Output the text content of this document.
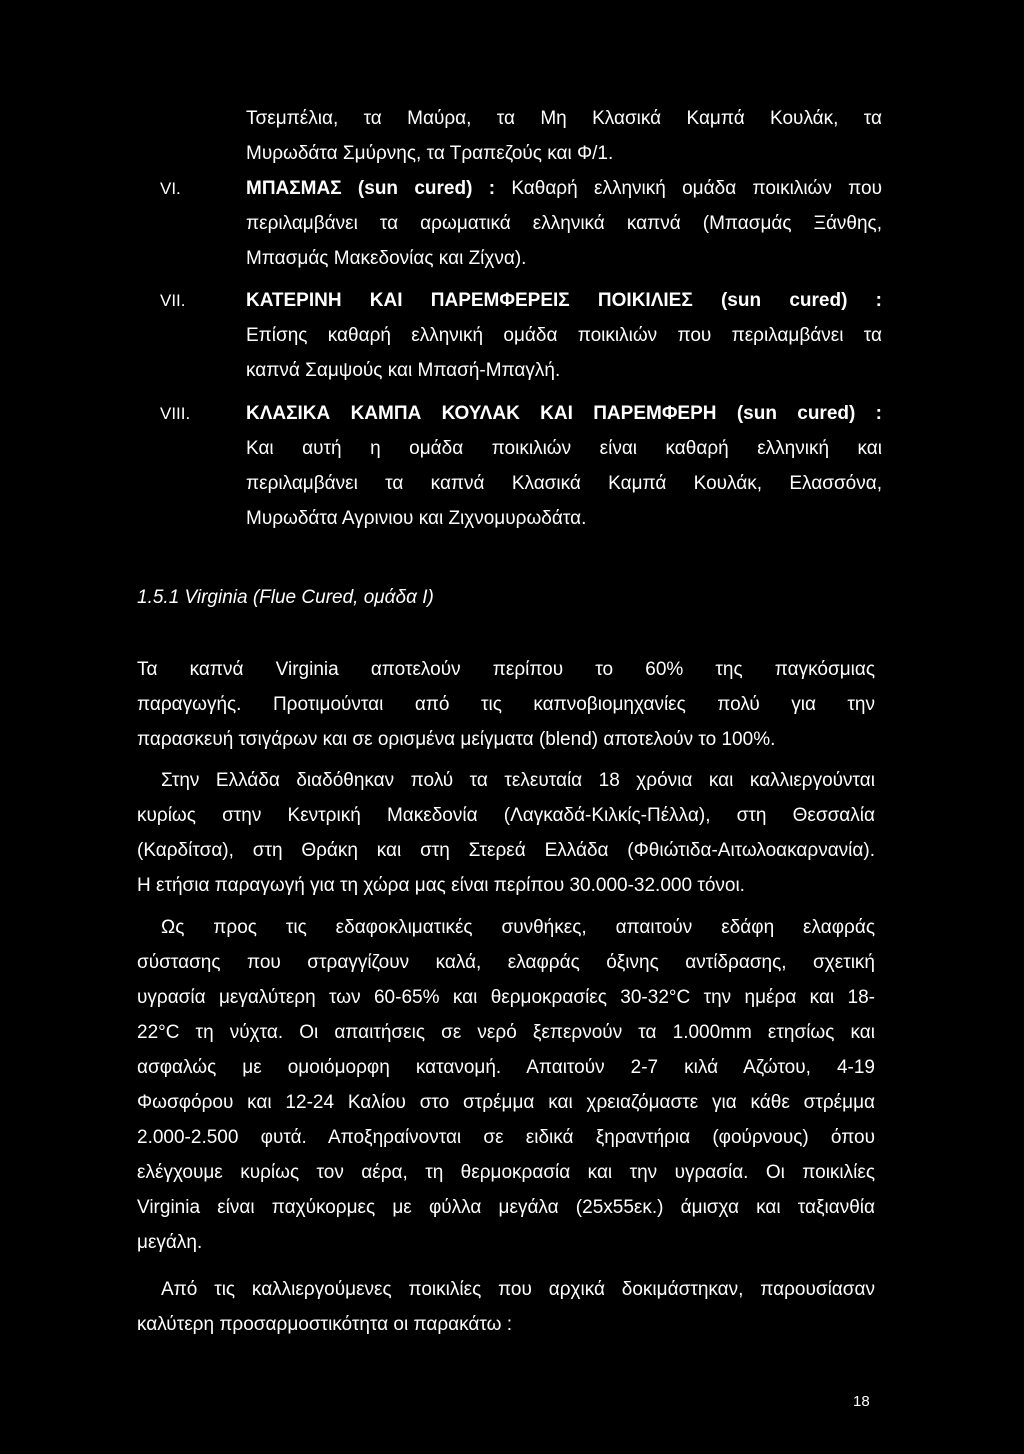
Τσεμπέλια, τα Μαύρα, τα Μη Κλασικά Καμπά Κουλάκ, τα
Μυρωδάτα Σμύρνης, τα Τραπεζούς και Φ/1.
VI.	ΜΠΑΣΜΑΣ (sun cured) : Καθαρή ελληνική ομάδα ποικιλιών που
περιλαμβάνει τα αρωματικά ελληνικά καπνά (Μπασμάς Ξάνθης,
Μπασμάς Μακεδονίας και Ζίχνα).
VII.	ΚΑΤΕΡΙΝΗ ΚΑΙ ΠΑΡΕΜΦΕΡΕΙΣ ΠΟΙΚΙΛΙΕΣ (sun cured) :
Επίσης καθαρή ελληνική ομάδα ποικιλιών που περιλαμβάνει τα
καπνά Σαμψούς και Μπασή-Μπαγλή.
VIII.	ΚΛΑΣΙΚΑ ΚΑΜΠΑ ΚΟΥΛΑΚ ΚΑΙ ΠΑΡΕΜΦΕΡΗ (sun cured) :
Και αυτή η ομάδα ποικιλιών είναι καθαρή ελληνική και
περιλαμβάνει τα καπνά Κλασικά Καμπά Κουλάκ, Ελασσόνα,
Μυρωδάτα Αγρινιου και Ζιχνομυρωδάτα.
1.5.1 Virginia (Flue Cured, ομάδα I)
Τα καπνά Virginia αποτελούν περίπου το 60% της παγκόσμιας
παραγωγής. Προτιμούνται από τις καπνοβιομηχανίες πολύ για την
παρασκευή τσιγάρων και σε ορισμένα μείγματα (blend) αποτελούν το 100%.
Στην Ελλάδα διαδόθηκαν πολύ τα τελευταία 18 χρόνια και καλλιεργούνται
κυρίως στην Κεντρική Μακεδονία (Λαγκαδά-Κιλκίς-Πέλλα), στη Θεσσαλία
(Καρδίτσα), στη Θράκη και στη Στερεά Ελλάδα (Φθιώτιδα-Αιτωλοακαρνανία).
Η ετήσια παραγωγή για τη χώρα μας είναι περίπου 30.000-32.000 τόνοι.
Ως προς τις εδαφοκλιματικές συνθήκες, απαιτούν εδάφη ελαφράς
σύστασης που στραγγίζουν καλά, ελαφράς όξινης αντίδρασης, σχετική
υγρασία μεγαλύτερη των 60-65% και θερμοκρασίες 30-32°C την ημέρα και 18-
22°C τη νύχτα. Οι απαιτήσεις σε νερό ξεπερνούν τα 1.000mm ετησίως και
ασφαλώς με ομοιόμορφη κατανομή. Απαιτούν 2-7 κιλά Αζώτου, 4-19
Φωσφόρου και 12-24 Καλίου στο στρέμμα και χρειαζόμαστε για κάθε στρέμμα
2.000-2.500 φυτά. Αποξηραίνονται σε ειδικά ξηραντήρια (φούρνους) όπου
ελέγχουμε κυρίως τον αέρα, τη θερμοκρασία και την υγρασία. Οι ποικιλίες
Virginia είναι παχύκορμες με φύλλα μεγάλα (25x55εκ.) άμισχα και ταξιανθία
μεγάλη.
Από τις καλλιεργούμενες ποικιλίες που αρχικά δοκιμάστηκαν, παρουσίασαν
καλύτερη προσαρμοστικότητα οι παρακάτω :
18
